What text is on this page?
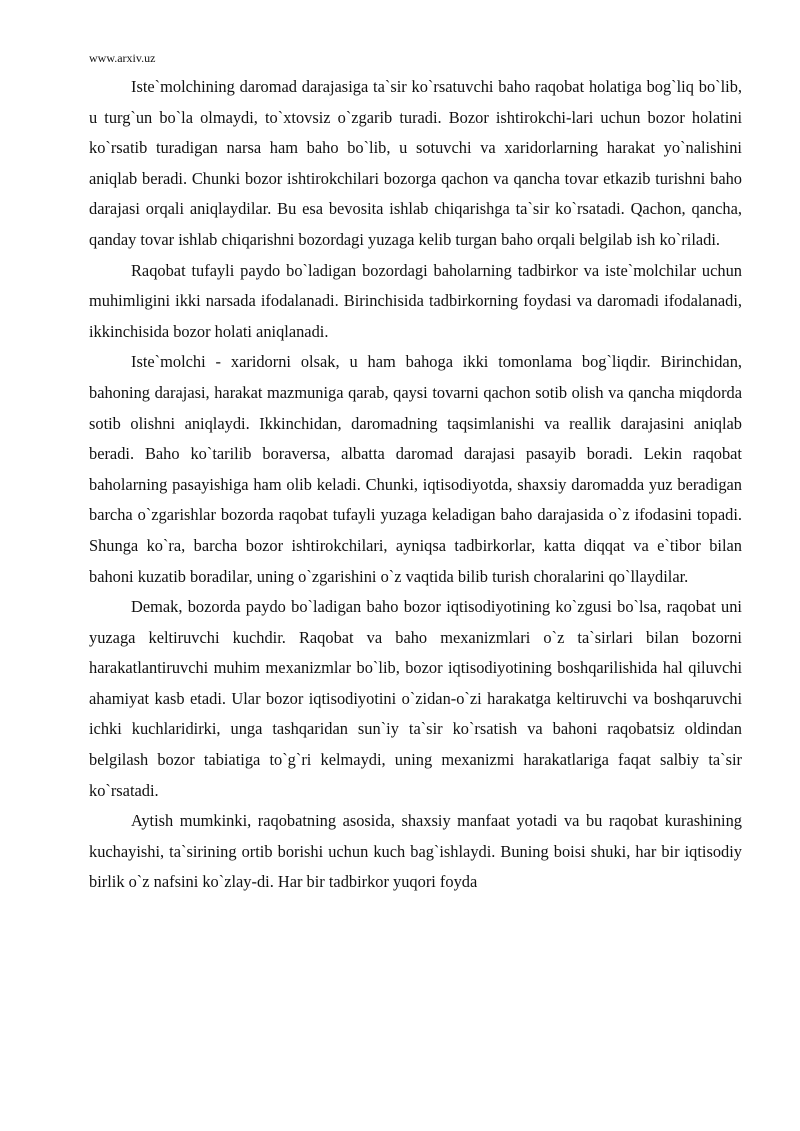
www.arxiv.uz

Iste`molchining daromad darajasiga ta`sir ko`rsatuvchi baho raqobat holatiga bog`liq bo`lib, u turg`un bo`la olmaydi, to`xtovsiz o`zgarib turadi. Bozor ishtirokchi-lari uchun bozor holatini ko`rsatib turadigan narsa ham baho bo`lib, u sotuvchi va xaridorlarning harakat yo`nalishini aniqlab beradi. Chunki bozor ishtirokchilari bozorga qachon va qancha tovar etkazib turishni baho darajasi orqali aniqlaydilar. Bu esa bevosita ishlab chiqarishga ta`sir ko`rsatadi. Qachon, qancha, qanday tovar ishlab chiqarishni bozordagi yuzaga kelib turgan baho orqali belgilab ish ko`riladi.

Raqobat tufayli paydo bo`ladigan bozordagi baholarning tadbirkor va iste`molchilar uchun muhimligini ikki narsada ifodalanadi. Birinchisida tadbirkorning foydasi va daromadi ifodalanadi, ikkinchisida bozor holati aniqlanadi.

Iste`molchi - xaridorni olsak, u ham bahoga ikki tomonlama bog`liqdir. Birinchidan, bahoning darajasi, harakat mazmuniga qarab, qaysi tovarni qachon sotib olish va qancha miqdorda sotib olishni aniqlaydi. Ikkinchidan, daromadning taqsimlanishi va reallik darajasini aniqlab beradi. Baho ko`tarilib boraversa, albatta daromad darajasi pasayib boradi. Lekin raqobat baholarning pasayishiga ham olib keladi. Chunki, iqtisodiyotda, shaxsiy daromadda yuz beradigan barcha o`zgarishlar bozorda raqobat tufayli yuzaga keladigan baho darajasida o`z ifodasini topadi. Shunga ko`ra, barcha bozor ishtirokchilari, ayniqsa tadbirkorlar, katta diqqat va e`tibor bilan bahoni kuzatib boradilar, uning o`zgarishini o`z vaqtida bilib turish choralarini qo`llaydilar.

Demak, bozorda paydo bo`ladigan baho bozor iqtisodiyotining ko`zgusi bo`lsa, raqobat uni yuzaga keltiruvchi kuchdir. Raqobat va baho mexanizmlari o`z ta`sirlari bilan bozorni harakatlantiruvchi muhim mexanizmlar bo`lib, bozor iqtisodiyotining boshqarilishida hal qiluvchi ahamiyat kasb etadi. Ular bozor iqtisodiyotini o`zidan-o`zi harakatga keltiruvchi va boshqaruvchi ichki kuchlaridirki, unga tashqaridan sun`iy ta`sir ko`rsatish va bahoni raqobatsiz oldindan belgilash bozor tabiatiga to`g`ri kelmaydi, uning mexanizmi harakatlariga faqat salbiy ta`sir ko`rsatadi.

Aytish mumkinki, raqobatning asosida, shaxsiy manfaat yotadi va bu raqobat kurashining kuchayishi, ta`sirining ortib borishi uchun kuch bag`ishlaydi. Buning boisi shuki, har bir iqtisodiy birlik o`z nafsini ko`zlay-di. Har bir tadbirkor yuqori foyda
